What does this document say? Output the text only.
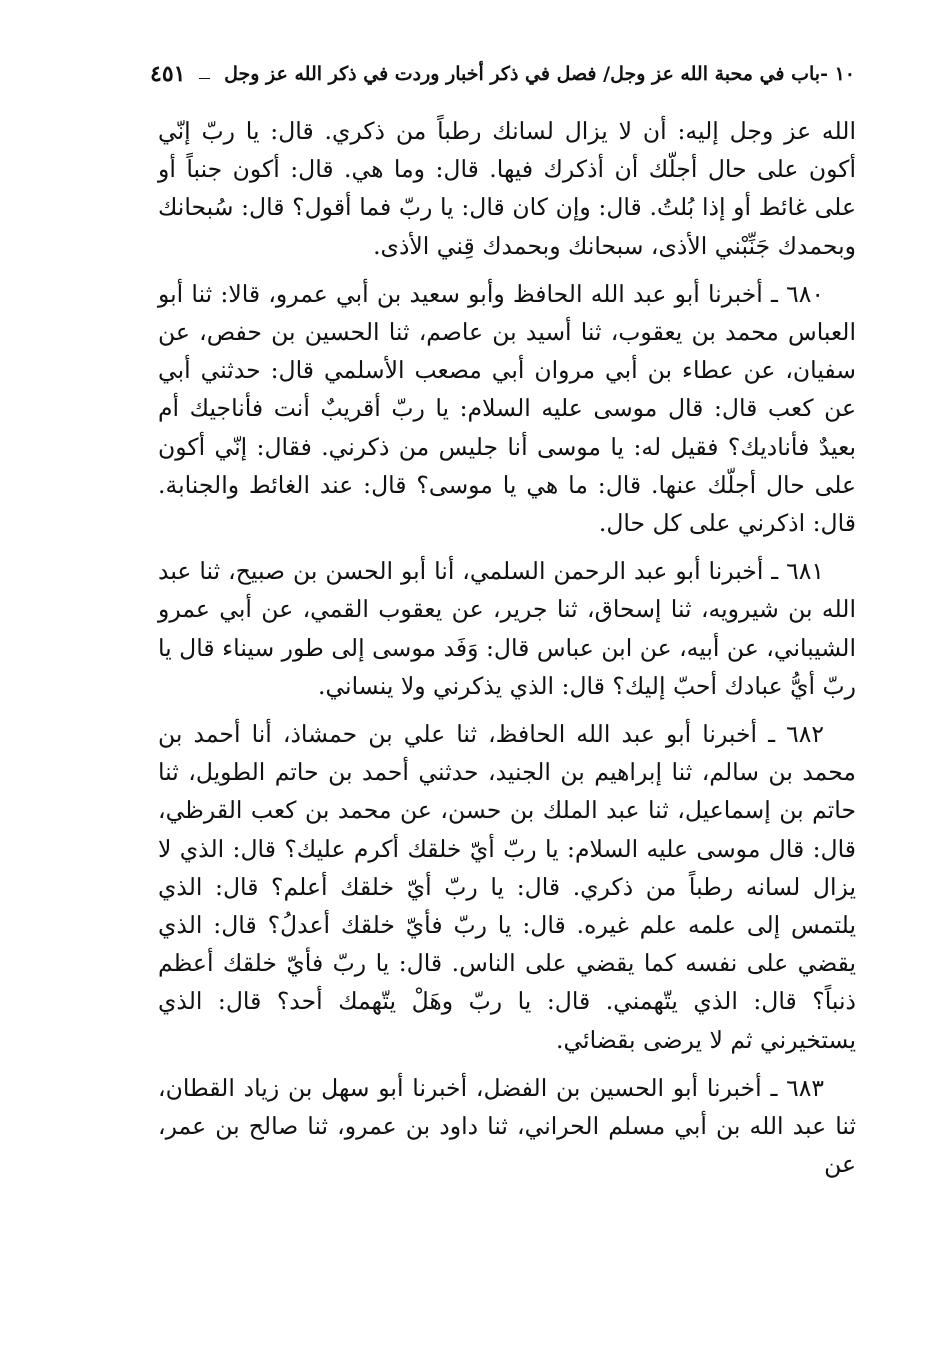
١٠ -باب في محبة الله عز وجل/ فصل في ذكر أخبار وردت في ذكر الله عز وجل
٤٥١

الله عز وجل إليه: أن لا يزال لسانك رطباً من ذكري. قال: يا ربّ إنّي أكون على حال أجلّك أن أذكرك فيها. قال: وما هي. قال: أكون جنباً أو على غائط أو إذا بُلتُ. قال: وإن كان قال: يا ربّ فما أقول؟ قال: سُبحانك وبحمدك جَنِّبْني الأذى، سبحانك وبحمدك قِني الأذى.

٦٨٠ ـ أخبرنا أبو عبد الله الحافظ وأبو سعيد بن أبي عمرو، قالا: ثنا أبو العباس محمد بن يعقوب، ثنا أسيد بن عاصم، ثنا الحسين بن حفص، عن سفيان، عن عطاء بن أبي مروان أبي مصعب الأسلمي قال: حدثني أبي عن كعب قال: قال موسى عليه السلام: يا ربّ أقريبٌ أنت فأناجيك أم بعيدٌ فأناديك؟ فقيل له: يا موسى أنا جليس من ذكرني. فقال: إنّي أكون على حال أجلّك عنها. قال: ما هي يا موسى؟ قال: عند الغائط والجنابة. قال: اذكرني على كل حال.

٦٨١ ـ أخبرنا أبو عبد الرحمن السلمي، أنا أبو الحسن بن صبيح، ثنا عبد الله بن شيرويه، ثنا إسحاق، ثنا جرير، عن يعقوب القمي، عن أبي عمرو الشيباني، عن أبيه، عن ابن عباس قال: وَفَد موسى إلى طور سيناء قال يا ربّ أيُّ عبادك أحبّ إليك؟ قال: الذي يذكرني ولا ينساني.

٦٨٢ ـ أخبرنا أبو عبد الله الحافظ، ثنا علي بن حمشاذ، أنا أحمد بن محمد بن سالم، ثنا إبراهيم بن الجنيد، حدثني أحمد بن حاتم الطويل، ثنا حاتم بن إسماعيل، ثنا عبد الملك بن حسن، عن محمد بن كعب القرظي، قال: قال موسى عليه السلام: يا ربّ أيّ خلقك أكرم عليك؟ قال: الذي لا يزال لسانه رطباً من ذكري. قال: يا ربّ أيّ خلقك أعلم؟ قال: الذي يلتمس إلى علمه علم غيره. قال: يا ربّ فأيّ خلقك أعدلُ؟ قال: الذي يقضي على نفسه كما يقضي على الناس. قال: يا ربّ فأيّ خلقك أعظم ذنباً؟ قال: الذي يتّهمني. قال: يا ربّ وهَلْ يتّهمك أحد؟ قال: الذي يستخيرني ثم لا يرضى بقضائي.

٦٨٣ ـ أخبرنا أبو الحسين بن الفضل، أخبرنا أبو سهل بن زياد القطان، ثنا عبد الله بن أبي مسلم الحراني، ثنا داود بن عمرو، ثنا صالح بن عمر، عن
